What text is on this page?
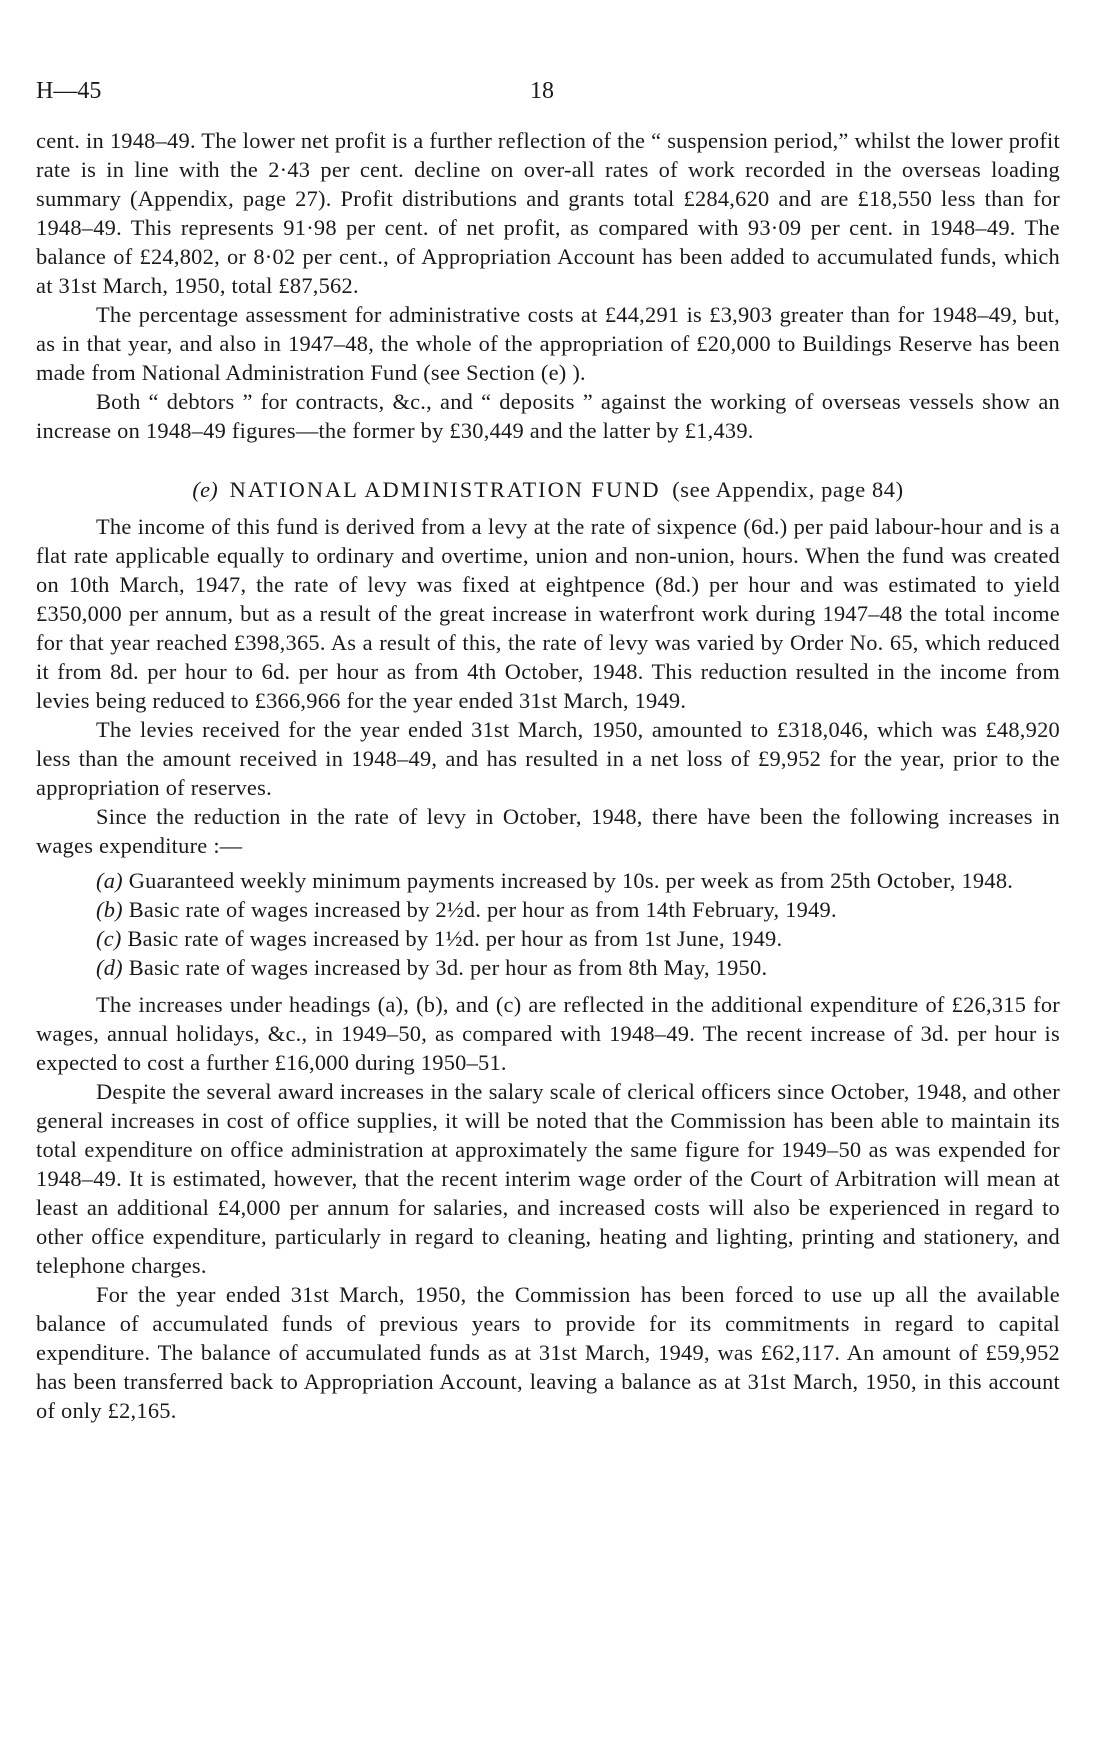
H—45	18

cent. in 1948–49. The lower net profit is a further reflection of the “ suspension period,” whilst the lower profit rate is in line with the 2·43 per cent. decline on over-all rates of work recorded in the overseas loading summary (Appendix, page 27). Profit distributions and grants total £284,620 and are £18,550 less than for 1948–49. This represents 91·98 per cent. of net profit, as compared with 93·09 per cent. in 1948–49. The balance of £24,802, or 8·02 per cent., of Appropriation Account has been added to accumulated funds, which at 31st March, 1950, total £87,562.

The percentage assessment for administrative costs at £44,291 is £3,903 greater than for 1948–49, but, as in that year, and also in 1947–48, the whole of the appropriation of £20,000 to Buildings Reserve has been made from National Administration Fund (see Section (e) ).

Both “ debtors ” for contracts, &c., and “ deposits ” against the working of overseas vessels show an increase on 1948–49 figures—the former by £30,449 and the latter by £1,439.

(e) NATIONAL ADMINISTRATION FUND (see Appendix, page 84)

The income of this fund is derived from a levy at the rate of sixpence (6d.) per paid labour-hour and is a flat rate applicable equally to ordinary and overtime, union and non-union, hours. When the fund was created on 10th March, 1947, the rate of levy was fixed at eightpence (8d.) per hour and was estimated to yield £350,000 per annum, but as a result of the great increase in waterfront work during 1947–48 the total income for that year reached £398,365. As a result of this, the rate of levy was varied by Order No. 65, which reduced it from 8d. per hour to 6d. per hour as from 4th October, 1948. This reduction resulted in the income from levies being reduced to £366,966 for the year ended 31st March, 1949.

The levies received for the year ended 31st March, 1950, amounted to £318,046, which was £48,920 less than the amount received in 1948–49, and has resulted in a net loss of £9,952 for the year, prior to the appropriation of reserves.

Since the reduction in the rate of levy in October, 1948, there have been the following increases in wages expenditure :—

(a) Guaranteed weekly minimum payments increased by 10s. per week as from 25th October, 1948.
(b) Basic rate of wages increased by 2½d. per hour as from 14th February, 1949.
(c) Basic rate of wages increased by 1½d. per hour as from 1st June, 1949.
(d) Basic rate of wages increased by 3d. per hour as from 8th May, 1950.

The increases under headings (a), (b), and (c) are reflected in the additional expenditure of £26,315 for wages, annual holidays, &c., in 1949–50, as compared with 1948–49. The recent increase of 3d. per hour is expected to cost a further £16,000 during 1950–51.

Despite the several award increases in the salary scale of clerical officers since October, 1948, and other general increases in cost of office supplies, it will be noted that the Commission has been able to maintain its total expenditure on office administration at approximately the same figure for 1949–50 as was expended for 1948–49. It is estimated, however, that the recent interim wage order of the Court of Arbitration will mean at least an additional £4,000 per annum for salaries, and increased costs will also be experienced in regard to other office expenditure, particularly in regard to cleaning, heating and lighting, printing and stationery, and telephone charges.

For the year ended 31st March, 1950, the Commission has been forced to use up all the available balance of accumulated funds of previous years to provide for its commitments in regard to capital expenditure. The balance of accumulated funds as at 31st March, 1949, was £62,117. An amount of £59,952 has been transferred back to Appropriation Account, leaving a balance as at 31st March, 1950, in this account of only £2,165.
